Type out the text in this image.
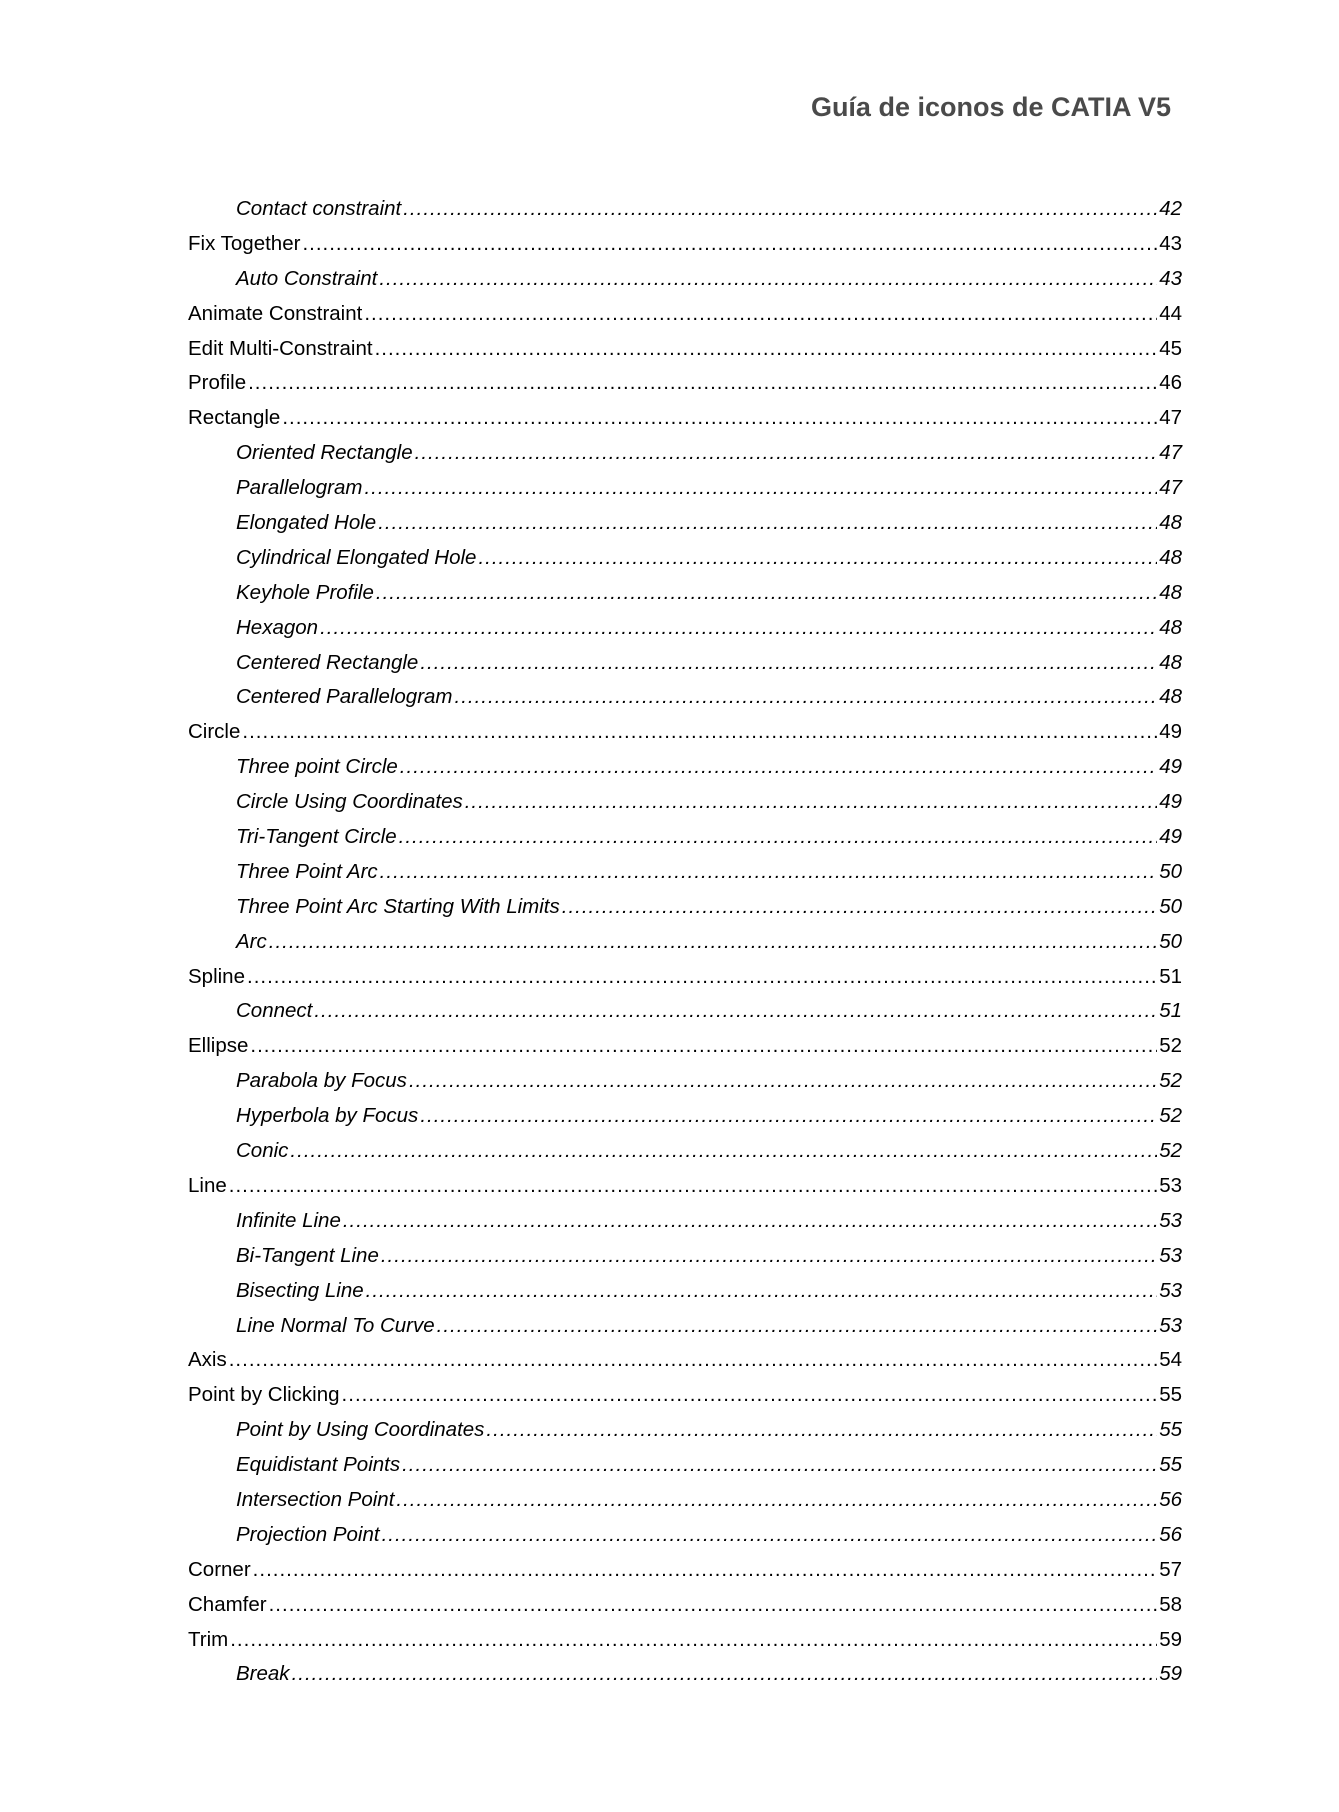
Guía de iconos de CATIA V5
Contact constraint .....	42
Fix Together .....	43
Auto Constraint .....	43
Animate Constraint .....	44
Edit Multi-Constraint .....	45
Profile .....	46
Rectangle .....	47
Oriented Rectangle .....	47
Parallelogram .....	47
Elongated Hole .....	48
Cylindrical Elongated Hole .....	48
Keyhole Profile .....	48
Hexagon .....	48
Centered Rectangle .....	48
Centered Parallelogram .....	48
Circle .....	49
Three point Circle .....	49
Circle Using Coordinates .....	49
Tri-Tangent Circle .....	49
Three Point Arc .....	50
Three Point Arc Starting With Limits .....	50
Arc .....	50
Spline .....	51
Connect .....	51
Ellipse .....	52
Parabola by Focus .....	52
Hyperbola by Focus .....	52
Conic .....	52
Line .....	53
Infinite Line .....	53
Bi-Tangent Line .....	53
Bisecting Line .....	53
Line Normal To Curve .....	53
Axis .....	54
Point by Clicking .....	55
Point by Using Coordinates .....	55
Equidistant Points .....	55
Intersection Point .....	56
Projection Point .....	56
Corner .....	57
Chamfer .....	58
Trim .....	59
Break .....	59
